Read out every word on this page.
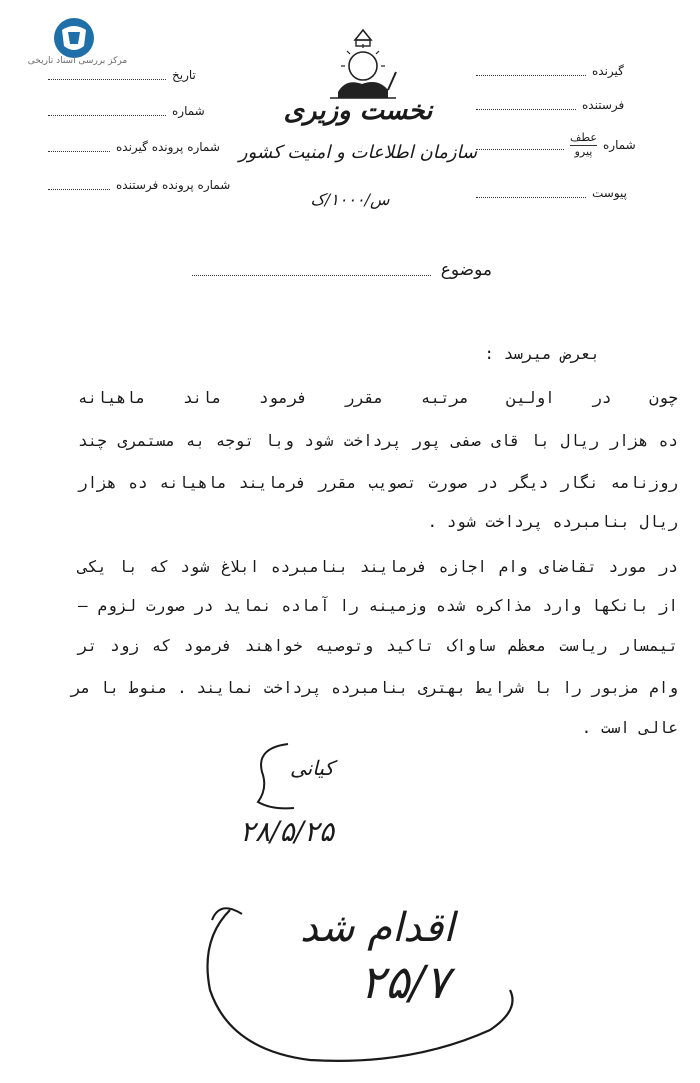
مرکز بررسی اسناد تاریخی
تاریخ
شماره
شماره پرونده گیرنده
شماره پرونده فرستنده
نخست وزیری
سازمان اطلاعات و امنیت کشور
س/۱۰۰۰/ک
گیرنده
فرستنده
عطف
پیرو شماره
پیوست
موضوع
بعرض میرسد :
چون در اولین مرتبه مقرر فرمود ماند ماهیانه
ده هزار ریال با قای صفی پور پرداخت شود وبا توجه به مستمری چند
روزنامه نگار دیگر در صورت تصویب مقرر فرمایند ماهیانه ده هزار
ریال بنامبرده پرداخت شود .
در مورد تقاضای وام اجازه فرمایند بنامبرده ابلاغ شود که با یکی
از بانکها وارد مذاکره شده وزمینه را آماده نماید در صورت لزوم —
تیمسار ریاست معظم ساواک تاکید وتوصیه خواهند فرمود که زود تر
وام مزبور را با شرایط بهتری بنامبرده پرداخت نمایند . منوط با مر
عالی است .
کیانی
۲۸/۵/۲۵
اقدام شد
۲۵/۷
